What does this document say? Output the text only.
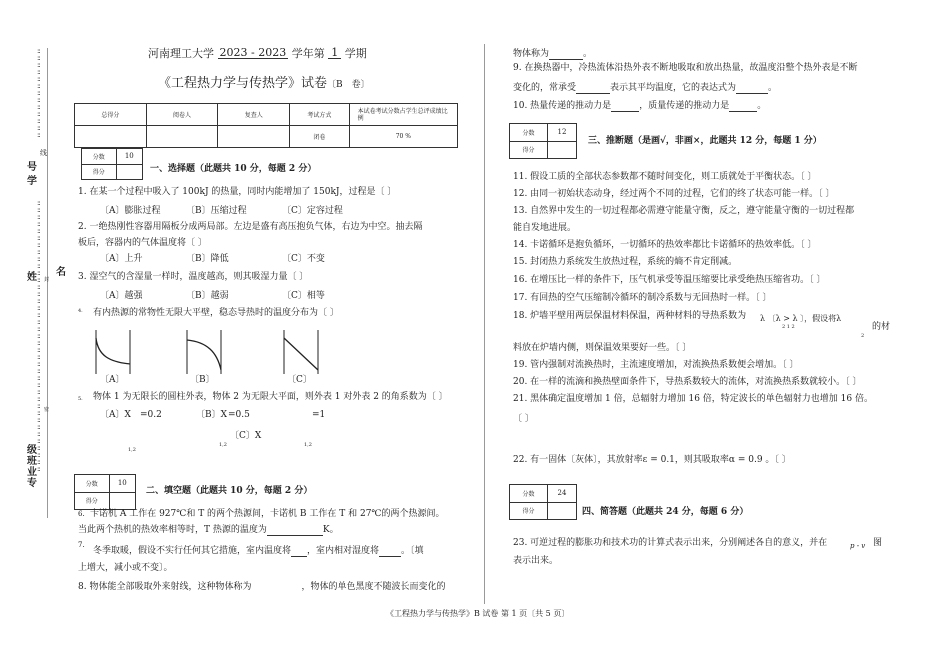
::
::
::
::
::
::
::
::
::
::
::
::
::
::
::
::
::
::
::
::
::
::
::
::
::
::
::
::
::
::
::
::
::
::
::
::
::
::
::
::
::
::
::
::
::
::
::
::
::
::
::
::
号
学
姓 名
级班业专
线
封
密
河南理工大学 2023 - 2023 学年第 1 学期
《工程热力学与传热学》试卷〔B　卷〕
总得分	阅卷人	复查人	考试方式	本试卷考试分数占学生总评成绩比例
			闭卷	70 %
分数	10
得分		一、选择题（此题共 10 分，每题 2 分）
1. 在某一个过程中吸入了 100kJ 的热量，同时内能增加了 150kJ，过程是〔 〕
〔A〕膨胀过程	〔B〕压缩过程	〔C〕定容过程
2. 一绝热刚性容器用隔板分成两局部。左边是盛有高压抱负气体，右边为中空。抽去隔
板后，容器内的气体温度将〔 〕
〔A〕上升	〔B〕降低	〔C〕不变
3. 湿空气的含湿量一样时，温度越高，则其吸湿力量〔 〕
〔A〕越强	〔B〕越弱	〔C〕相等
4. 有内热源的常物性无限大平壁，稳态导热时的温度分布为〔 〕
〔A〕	〔B〕	〔C〕
5. 物体 1 为无限长的圆柱外表，物体 2 为无限大平面，则外表 1 对外表 2 的角系数为〔 〕
〔A〕X =0.2	〔B〕X =0.5	=1
〔C〕X
1,2
1,2	1,2
分数	10
得分	
二、填空题（此题共 10 分，每题 2 分）
6. 卡诺机 A 工作在 927℃和 T 的两个热源间，卡诺机 B 工作在 T 和 27℃的两个热源间。
当此两个热机的热效率相等时，T 热源的温度为	K。
7.
冬季取暖，假设不实行任何其它措施，室内温度将 ，室内相对湿度将 。〔填
上增大，减小或不变〕。
8. 物体能全部吸取外来射线，这种物体称为	，物体的单色黑度不随波长而变化的
物体称为	。
9. 在换热器中，冷热流体沿热外表不断地吸取和放出热量，故温度沿整个热外表是不断
变化的，常承受	表示其平均温度，它的表达式为	。
10. 热量传递的推动力是	，质量传递的推动力是	。
分数	12
得分	
三、推断题（是画√，非画×，此题共 12 分，每题 1 分）
11. 假设工质的全部状态参数都不随时间变化，则工质就处于平衡状态。〔 〕
12. 由同一初始状态动身，经过两个不同的过程，它们的终了状态可能一样。〔 〕
13. 自然界中发生的一切过程都必需遵守能量守衡，反之，遵守能量守衡的一切过程都
能自发地进展。
14. 卡诺循环是抱负循环，一切循环的热效率都比卡诺循环的热效率低。〔 〕
15. 封闭热力系统发生放热过程，系统的熵不肯定削减。
16. 在增压比一样的条件下，压气机承受等温压缩要比承受绝热压缩省功。〔 〕
17. 有回热的空气压缩制冷循环的制冷系数与无回热时一样。〔 〕
18. 炉墙平壁用两层保温材料保温，两种材料的导热系数为 λ 〔λ > λ 〕，假设将λ
2 1 2	的材
2
料放在炉墙内侧，则保温效果要好一些。〔 〕
19. 管内强制对流换热时，主流速度增加，对流换热系数便会增加。〔 〕
20. 在一样的流滴和换热壁面条件下，导热系数较大的流体，对流换热系数就较小。〔 〕
21. 黑体确定温度增加 1 倍，总辐射力增加 16 倍，特定波长的单色辐射力也增加 16 倍。
〔 〕
22. 有一固体〔灰体〕，其放射率ε = 0.1，则其吸取率α = 0.9 。〔 〕
分数	24
得分		四、简答题（此题共 24 分，每题 6 分）
23. 可逆过程的膨胀功和技术功的计算式表示出来，分别阐述各自的意义，并在	p - v 图
表示出来。
《工程热力学与传热学》B 试卷 第 1 页〔共 5 页〕
